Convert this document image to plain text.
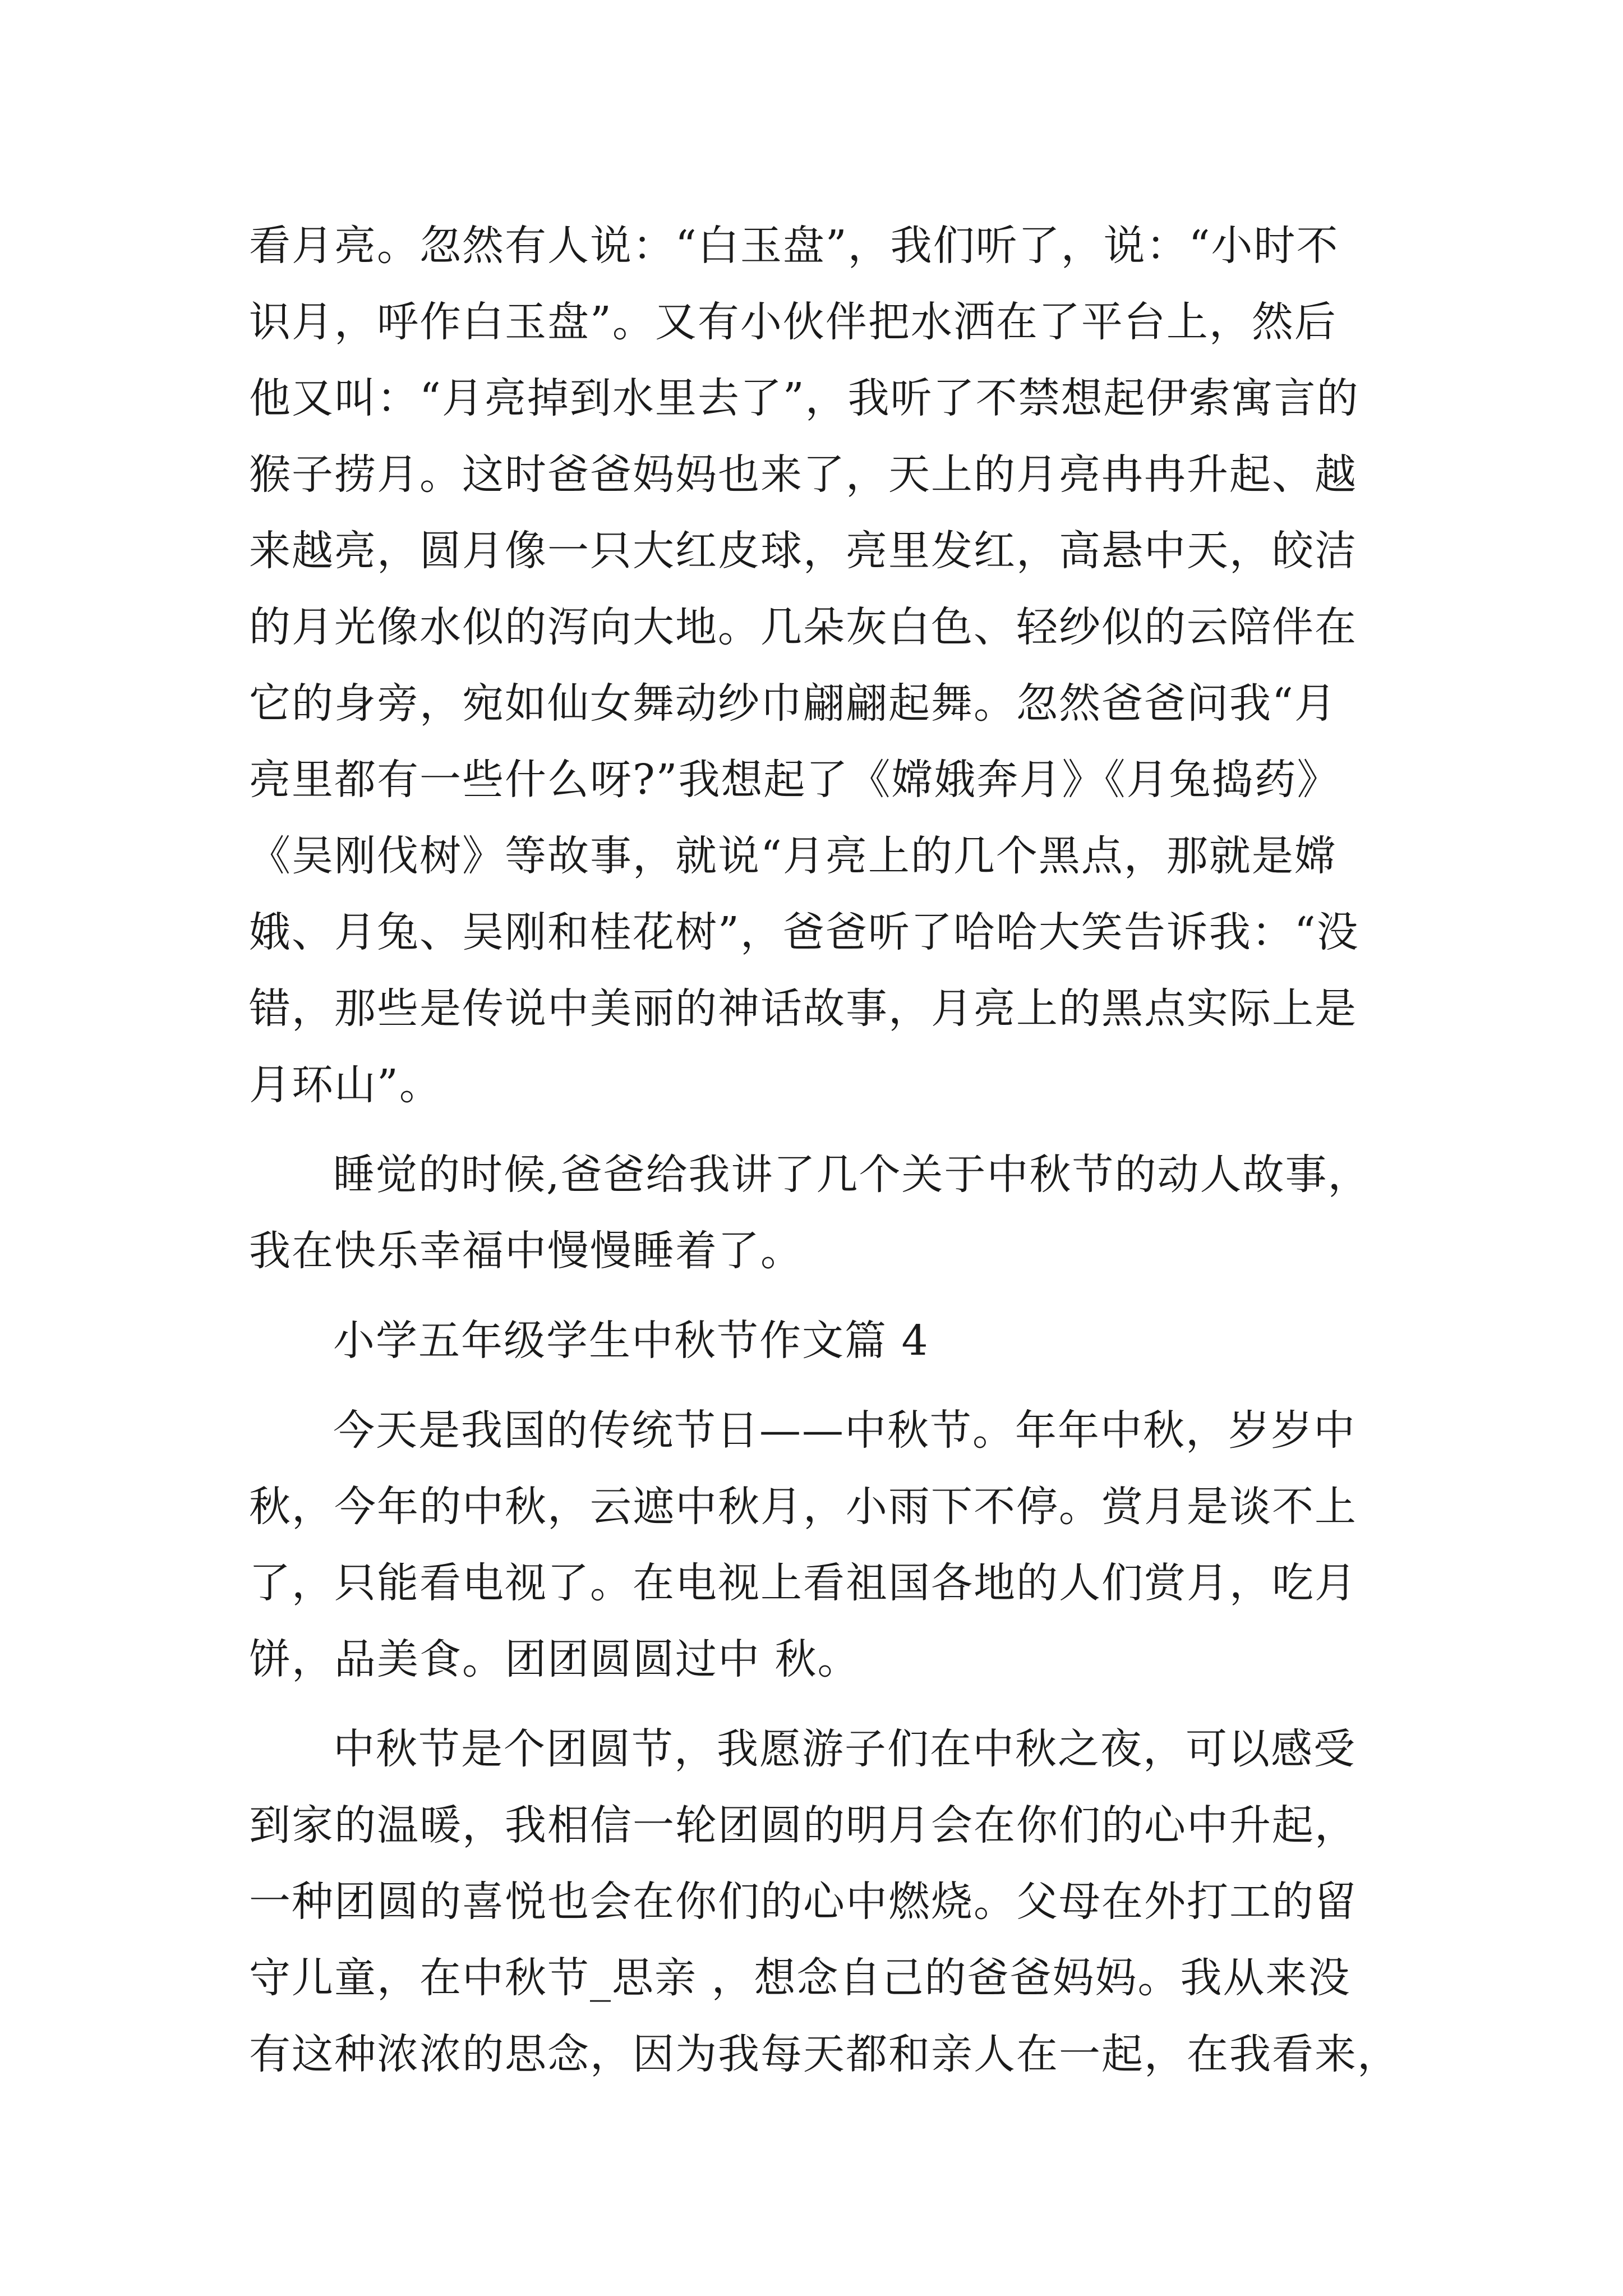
看月亮。忽然有人说：“白玉盘”，我们听了，说：“小时不
识月，呼作白玉盘”。又有小伙伴把水洒在了平台上，然后
他又叫：“月亮掉到水里去了”，我听了不禁想起伊索寓言的
猴子捞月。这时爸爸妈妈也来了，天上的月亮冉冉升起、越
来越亮，圆月像一只大红皮球，亮里发红，高悬中天，皎洁
的月光像水似的泻向大地。几朵灰白色、轻纱似的云陪伴在
它的身旁，宛如仙女舞动纱巾翩翩起舞。忽然爸爸问我“月
亮里都有一些什么呀?”我想起了《嫦娥奔月》《月兔捣药》
《吴刚伐树》等故事，就说“月亮上的几个黑点，那就是嫦
娥、月兔、吴刚和桂花树”，爸爸听了哈哈大笑告诉我：“没
错，那些是传说中美丽的神话故事，月亮上的黑点实际上是
月环山”。
睡觉的时候,爸爸给我讲了几个关于中秋节的动人故事，
我在快乐幸福中慢慢睡着了。
小学五年级学生中秋节作文篇 4
今天是我国的传统节日——中秋节。年年中秋，岁岁中
秋，今年的中秋，云遮中秋月，小雨下不停。赏月是谈不上
了，只能看电视了。在电视上看祖国各地的人们赏月，吃月
饼，品美食。团团圆圆过中 秋。
中秋节是个团圆节，我愿游子们在中秋之夜，可以感受
到家的温暖，我相信一轮团圆的明月会在你们的心中升起，
一种团圆的喜悦也会在你们的心中燃烧。父母在外打工的留
守儿童，在中秋节_思亲 ，想念自己的爸爸妈妈。我从来没
有这种浓浓的思念，因为我每天都和亲人在一起，在我看来，
